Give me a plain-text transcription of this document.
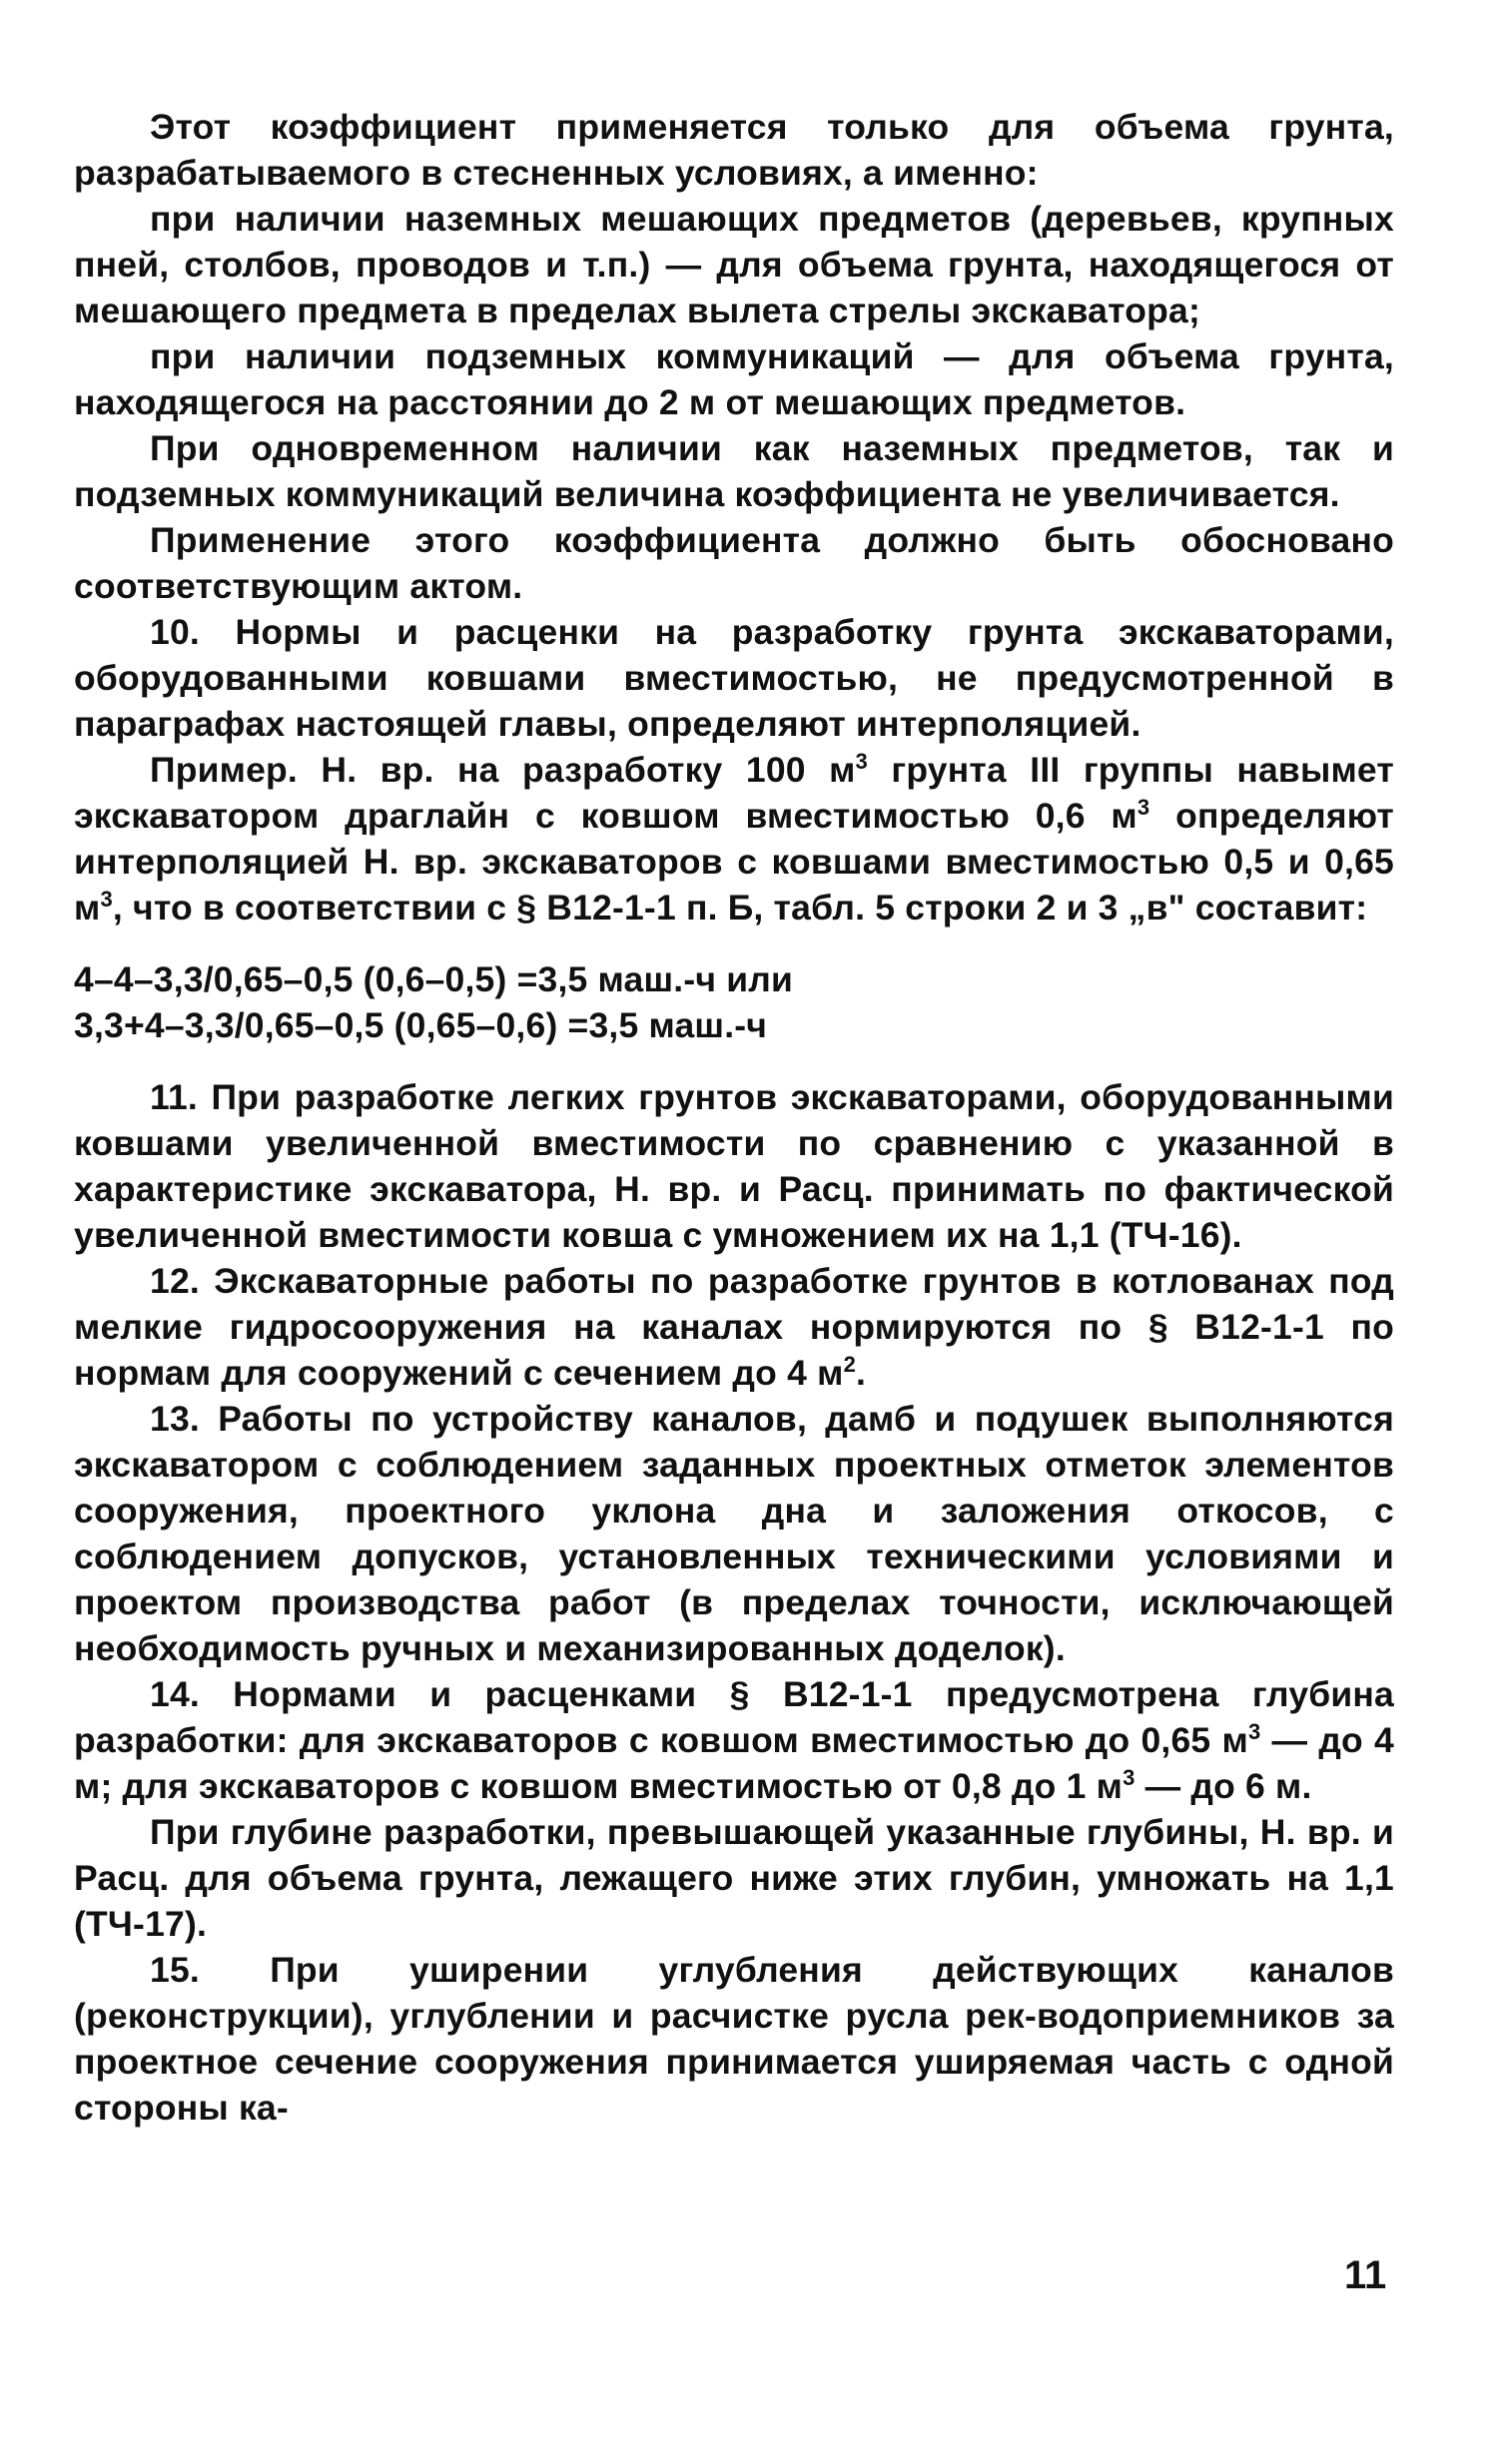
Этот коэффициент применяется только для объема грунта, разрабатываемого в стесненных условиях, а именно:

при наличии наземных мешающих предметов (деревьев, крупных пней, столбов, проводов и т.п.) — для объема грунта, находящегося от мешающего предмета в пределах вылета стрелы экскаватора;

при наличии подземных коммуникаций — для объема грунта, находящегося на расстоянии до 2 м от мешающих предметов.

При одновременном наличии как наземных предметов, так и подземных коммуникаций величина коэффициента не увеличивается.

Применение этого коэффициента должно быть обосновано соответствующим актом.

10. Нормы и расценки на разработку грунта экскаваторами, оборудованными ковшами вместимостью, не предусмотренной в параграфах настоящей главы, определяют интерполяцией.

Пример. Н. вр. на разработку 100 $м^3$ грунта III группы навымет экскаватором драглайн с ковшом вместимостью 0,6 $м^3$ определяют интерполяцией Н. вр. экскаваторов с ковшами вместимостью 0,5 и 0,65 $м^3$, что в соответствии с § В12-1-1 п. Б, табл. 5 строки 2 и 3 „в" составит:

4–4–3,3/0,65–0,5 (0,6–0,5) =3,5 маш.-ч или

3,3+4–3,3/0,65–0,5 (0,65–0,6) =3,5 маш.-ч

11. При разработке легких грунтов экскаваторами, оборудованными ковшами увеличенной вместимости по сравнению с указанной в характеристике экскаватора, Н. вр. и Расц. принимать по фактической увеличенной вместимости ковша с умножением их на 1,1 (ТЧ-16).

12. Экскаваторные работы по разработке грунтов в котлованах под мелкие гидросооружения на каналах нормируются по § В12-1-1 по нормам для сооружений с сечением до 4 $м^2$.

13. Работы по устройству каналов, дамб и подушек выполняются экскаватором с соблюдением заданных проектных отметок элементов сооружения, проектного уклона дна и заложения откосов, с соблюдением допусков, установленных техническими условиями и проектом производства работ (в пределах точности, исключающей необходимость ручных и механизированных доделок).

14. Нормами и расценками § В12-1-1 предусмотрена глубина разработки: для экскаваторов с ковшом вместимостью до 0,65 $м^3$ — до 4 м; для экскаваторов с ковшом вместимостью от 0,8 до 1 $м^3$ — до 6 м.

При глубине разработки, превышающей указанные глубины, Н. вр. и Расц. для объема грунта, лежащего ниже этих глубин, умножать на 1,1 (ТЧ-17).

15. При уширении углубления действующих каналов (реконструкции), углублении и расчистке русла рек-водоприемников за проектное сечение сооружения принимается уширяемая часть с одной стороны ка-

11
